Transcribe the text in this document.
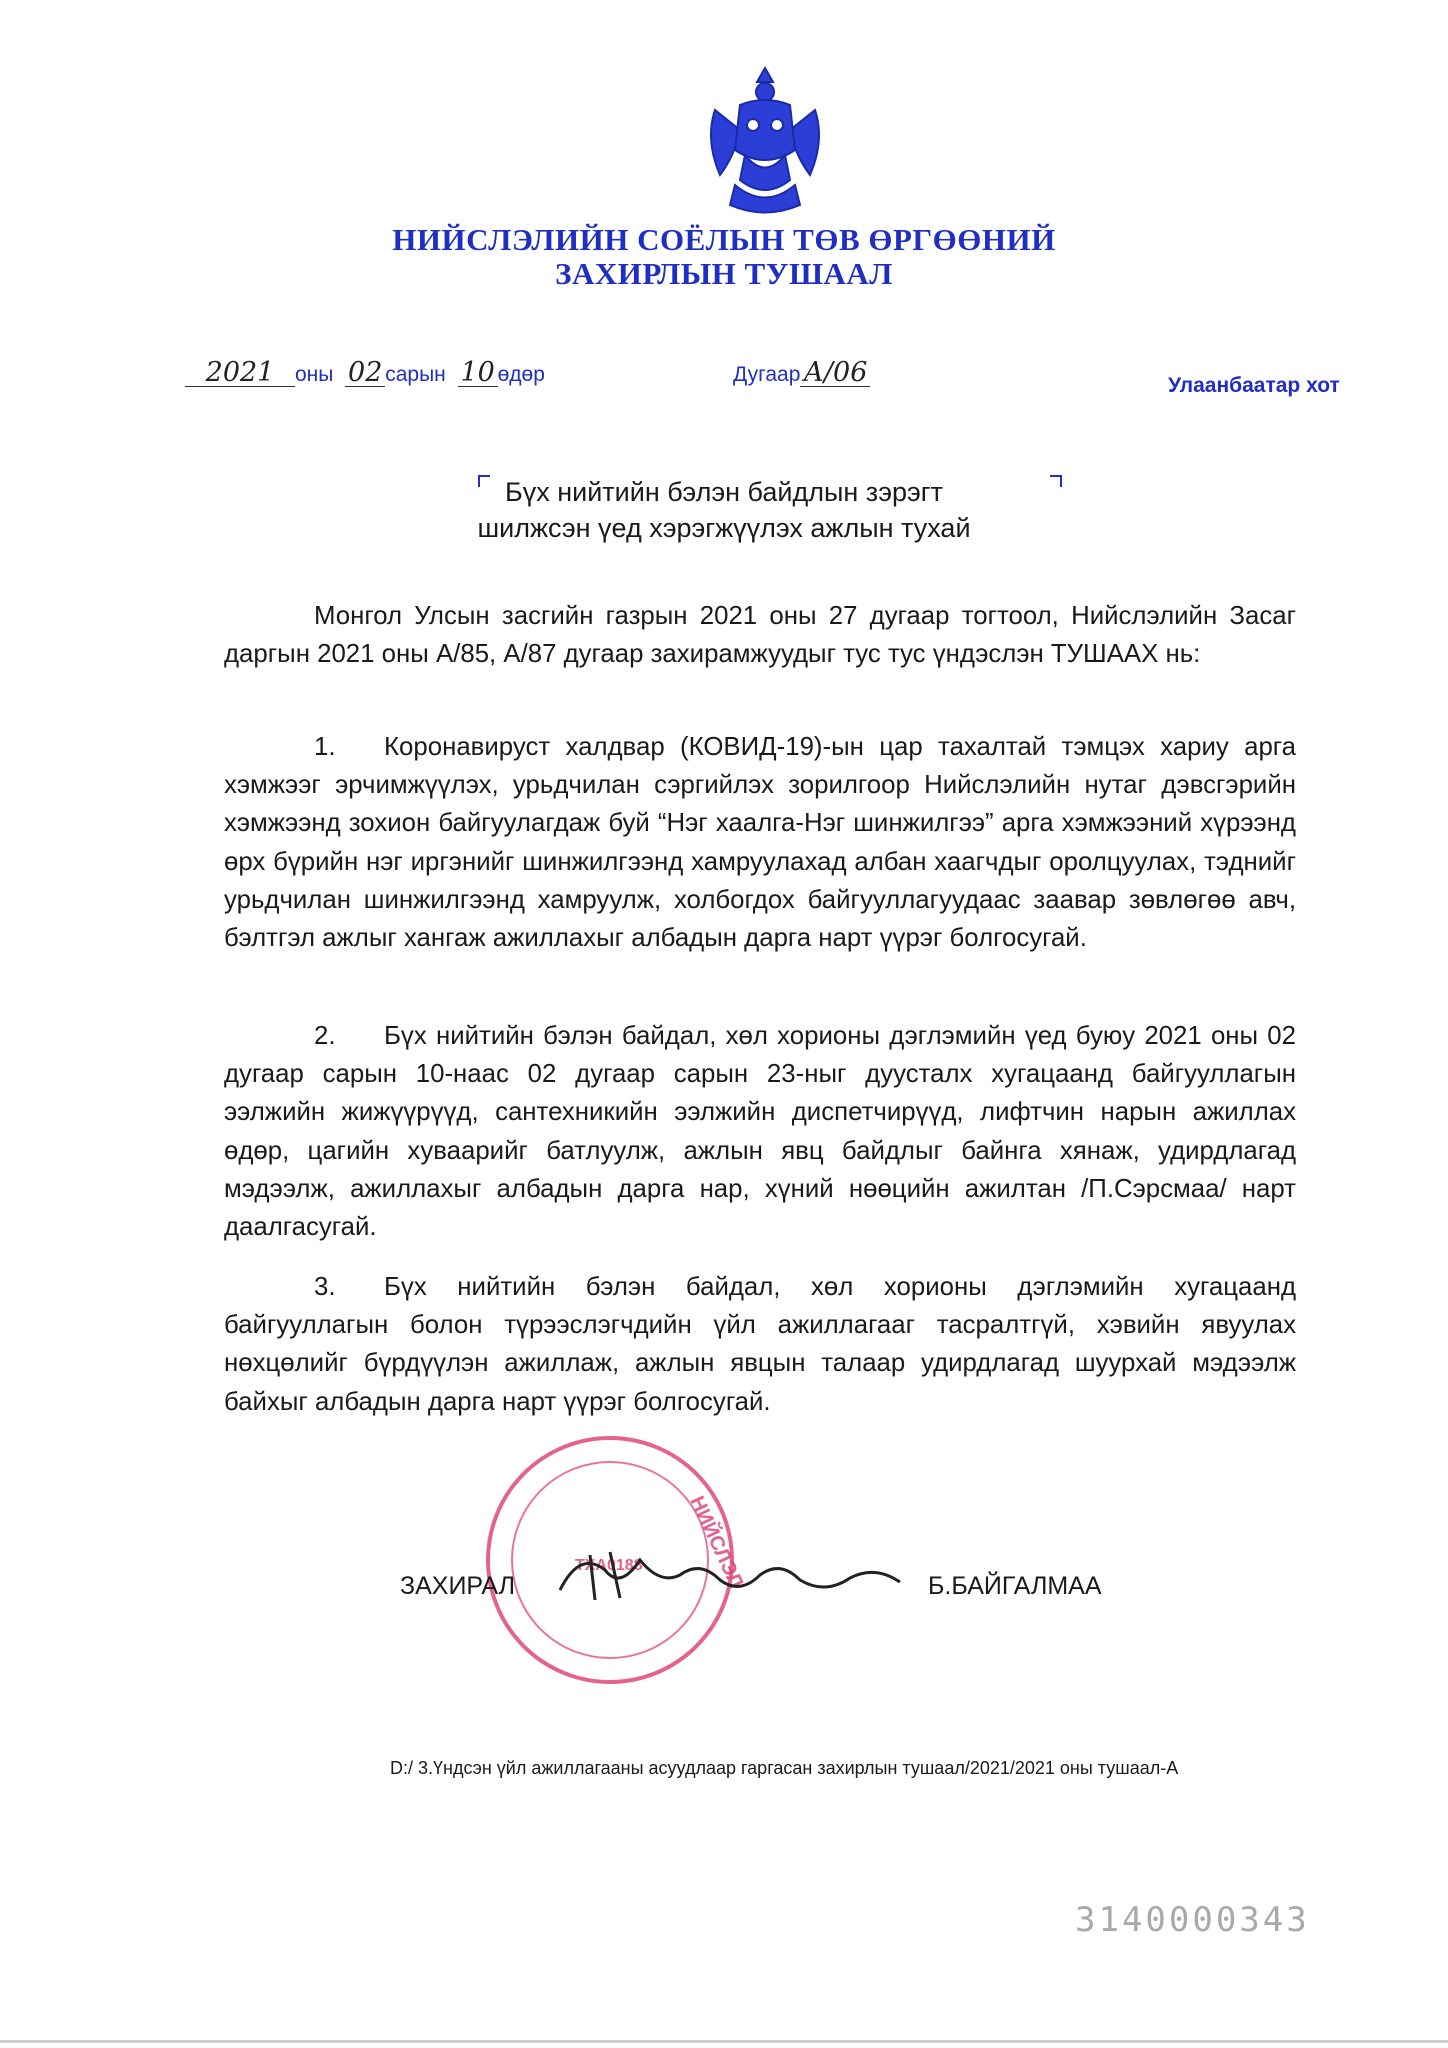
НИЙСЛЭЛИЙН СОЁЛЫН ТӨВ ӨРГӨӨНИЙ
ЗАХИРЛЫН ТУШААЛ
2021 оны 02 сарын 10 өдөр	Дугаар А/06	Улаанбаатар хот
Бүх нийтийн бэлэн байдлын зэрэгт
шилжсэн үед хэрэгжүүлэх ажлын тухай

Монгол Улсын засгийн газрын 2021 оны 27 дугаар тогтоол, Нийслэлийн Засаг даргын 2021 оны А/85, А/87 дугаар захирамжуудыг тус тус үндэслэн ТУШААХ нь:

1. Коронавируст халдвар (КОВИД-19)-ын цар тахалтай тэмцэх хариу арга хэмжээг эрчимжүүлэх, урьдчилан сэргийлэх зорилгоор Нийслэлийн нутаг дэвсгэрийн хэмжээнд зохион байгуулагдаж буй “Нэг хаалга-Нэг шинжилгээ” арга хэмжээний хүрээнд өрх бүрийн нэг иргэнийг шинжилгээнд хамруулахад албан хаагчдыг оролцуулах, тэднийг урьдчилан шинжилгээнд хамруулж, холбогдох байгууллагуудаас заавар зөвлөгөө авч, бэлтгэл ажлыг хангаж ажиллахыг албадын дарга нарт үүрэг болгосугай.

2. Бүх нийтийн бэлэн байдал, хөл хорионы дэглэмийн үед буюу 2021 оны 02 дугаар сарын 10-наас 02 дугаар сарын 23-ныг дуусталх хугацаанд байгууллагын ээлжийн жижүүрүүд, сантехникийн ээлжийн диспетчирүүд, лифтчин нарын ажиллах өдөр, цагийн хуваарийг батлуулж, ажлын явц байдлыг байнга хянаж, удирдлагад мэдээлж, ажиллахыг албадын дарга нар, хүний нөөцийн ажилтан /П.Сэрсмаа/ нарт даалгасугай.

3. Бүх нийтийн бэлэн байдал, хөл хорионы дэглэмийн хугацаанд байгууллагын болон түрээслэгчдийн үйл ажиллагааг тасралтгүй, хэвийн явуулах нөхцөлийг бүрдүүлэн ажиллаж, ажлын явцын талаар удирдлагад шуурхай мэдээлж байхыг албадын дарга нарт үүрэг болгосугай.

НИЙСЛЭЛ
ТХА0188
ЗАХИРАЛ	Б.БАЙГАЛМАА
D:/ 3.Үндсэн үйл ажиллагааны асуудлаар гаргасан захирлын тушаал/2021/2021 оны тушаал-А
3140000343
